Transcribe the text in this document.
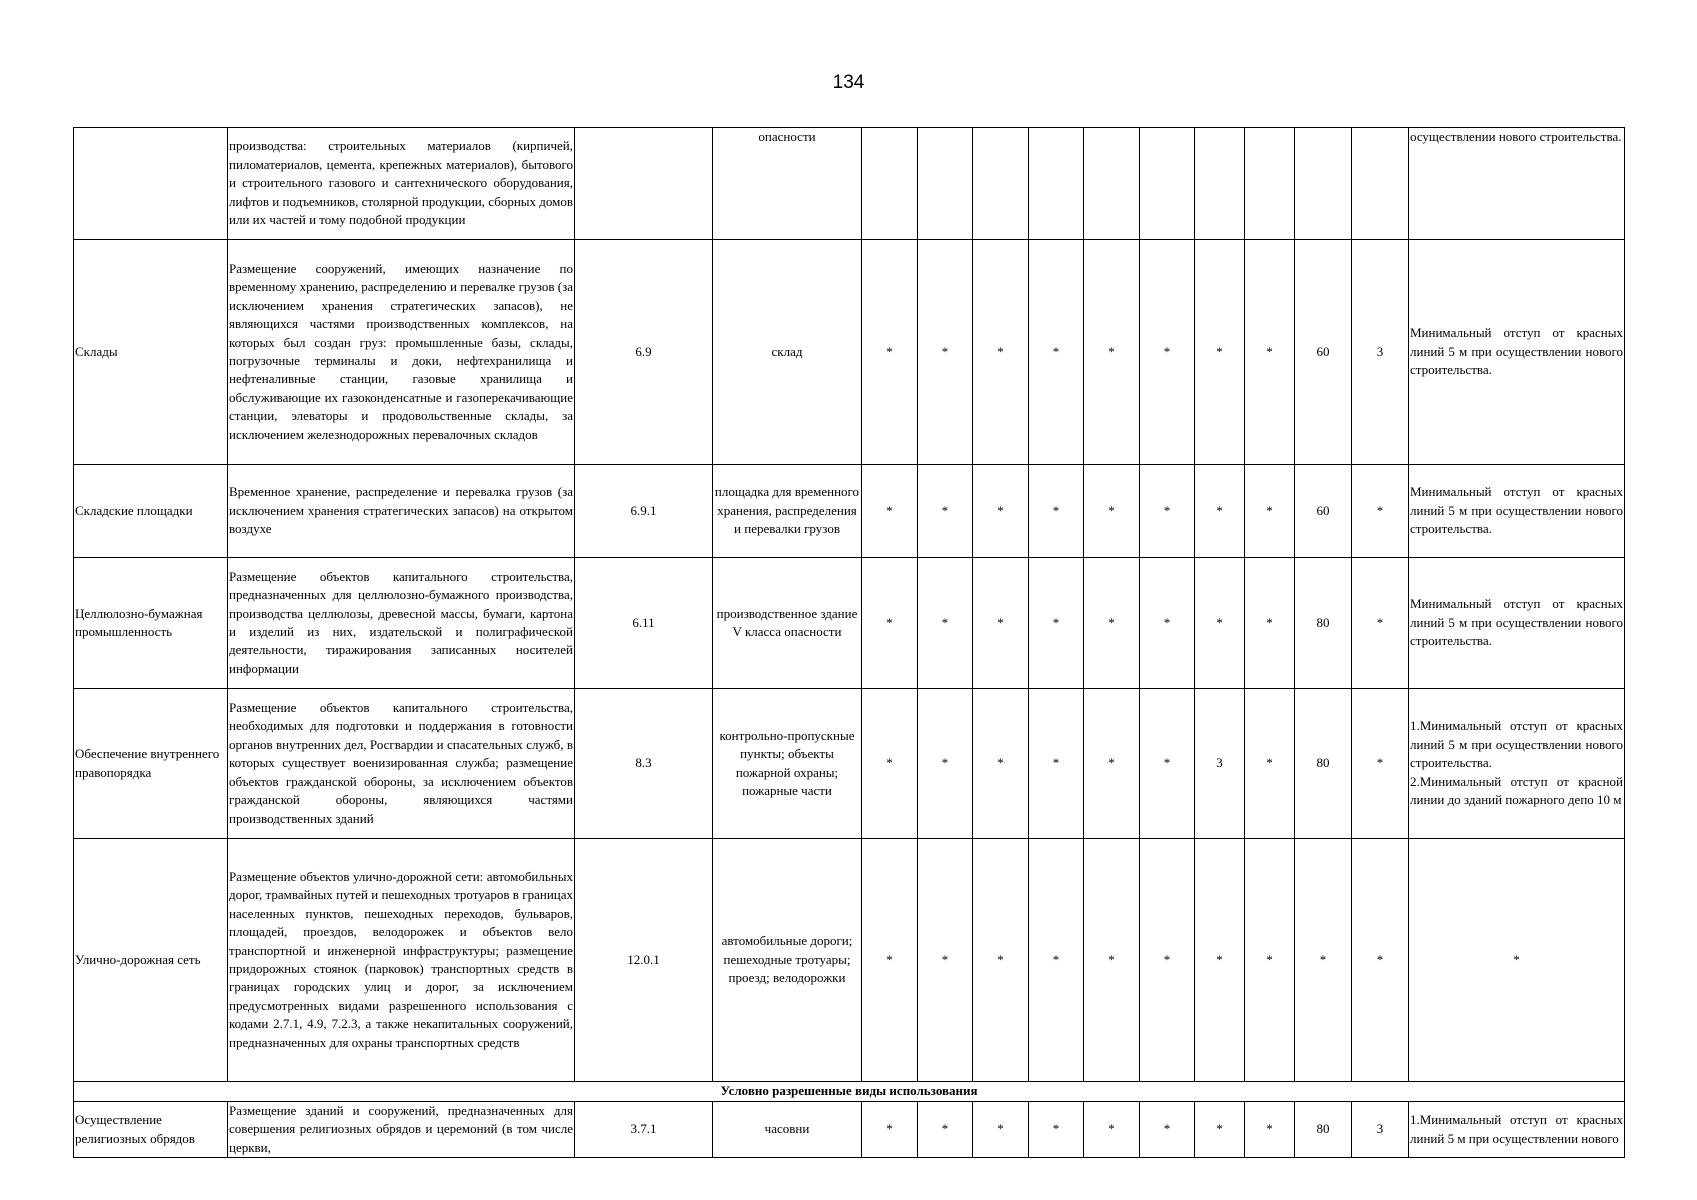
134
	производства: строительных материалов (кирпичей, пиломатериалов, цемента, крепежных материалов), бытового и строительного газового и сантехнического оборудования, лифтов и подъемников, столярной продукции, сборных домов или их частей и тому подобной продукции		опасности											осуществлении нового строительства.
Склады	Размещение сооружений, имеющих назначение по временному хранению, распределению и перевалке грузов (за исключением хранения стратегических запасов), не являющихся частями производственных комплексов, на которых был создан груз: промышленные базы, склады, погрузочные терминалы и доки, нефтехранилища и нефтеналивные станции, газовые хранилища и обслуживающие их газоконденсатные и газоперекачивающие станции, элеваторы и продовольственные склады, за исключением железнодорожных перевалочных складов	6.9	склад	*	*	*	*	*	*	*	*	60	3	Минимальный отступ от красных линий 5 м при осуществлении нового строительства.
Складские площадки	Временное хранение, распределение и перевалка грузов (за исключением хранения стратегических запасов) на открытом воздухе	6.9.1	площадка для временного хранения, распределения и перевалки грузов	*	*	*	*	*	*	*	*	60	*	Минимальный отступ от красных линий 5 м при осуществлении нового строительства.
Целлюлозно-бумажная промышленность	Размещение объектов капитального строительства, предназначенных для целлюлозно-бумажного производства, производства целлюлозы, древесной массы, бумаги, картона и изделий из них, издательской и полиграфической деятельности, тиражирования записанных носителей информации	6.11	производственное здание V класса опасности	*	*	*	*	*	*	*	*	80	*	Минимальный отступ от красных линий 5 м при осуществлении нового строительства.
Обеспечение внутреннего правопорядка	Размещение объектов капитального строительства, необходимых для подготовки и поддержания в готовности органов внутренних дел, Росгвардии и спасательных служб, в которых существует военизированная служба; размещение объектов гражданской обороны, за исключением объектов гражданской обороны, являющихся частями производственных зданий	8.3	контрольно-пропускные пункты; объекты пожарной охраны; пожарные части	*	*	*	*	*	*	3	*	80	*	1.Минимальный отступ от красных линий 5 м при осуществлении нового строительства.
2.Минимальный отступ от красной линии до зданий пожарного депо 10 м

Улично-дорожная сеть	Размещение объектов улично-дорожной сети: автомобильных дорог, трамвайных путей и пешеходных тротуаров в границах населенных пунктов, пешеходных переходов, бульваров, площадей, проездов, велодорожек и объектов вело транспортной и инженерной инфраструктуры; размещение придорожных стоянок (парковок) транспортных средств в границах городских улиц и дорог, за исключением предусмотренных видами разрешенного использования с кодами 2.7.1, 4.9, 7.2.3, а также некапитальных сооружений, предназначенных для охраны транспортных средств	12.0.1	автомобильные дороги; пешеходные тротуары; проезд; велодорожки	*	*	*	*	*	*	*	*	*	*	*
Условно разрешенные виды использования														
Осуществление религиозных обрядов	Размещение зданий и сооружений, предназначенных для совершения религиозных обрядов и церемоний (в том числе церкви,	3.7.1	часовни	*	*	*	*	*	*	*	*	80	3	1.Минимальный отступ от красных линий 5 м при осуществлении нового
